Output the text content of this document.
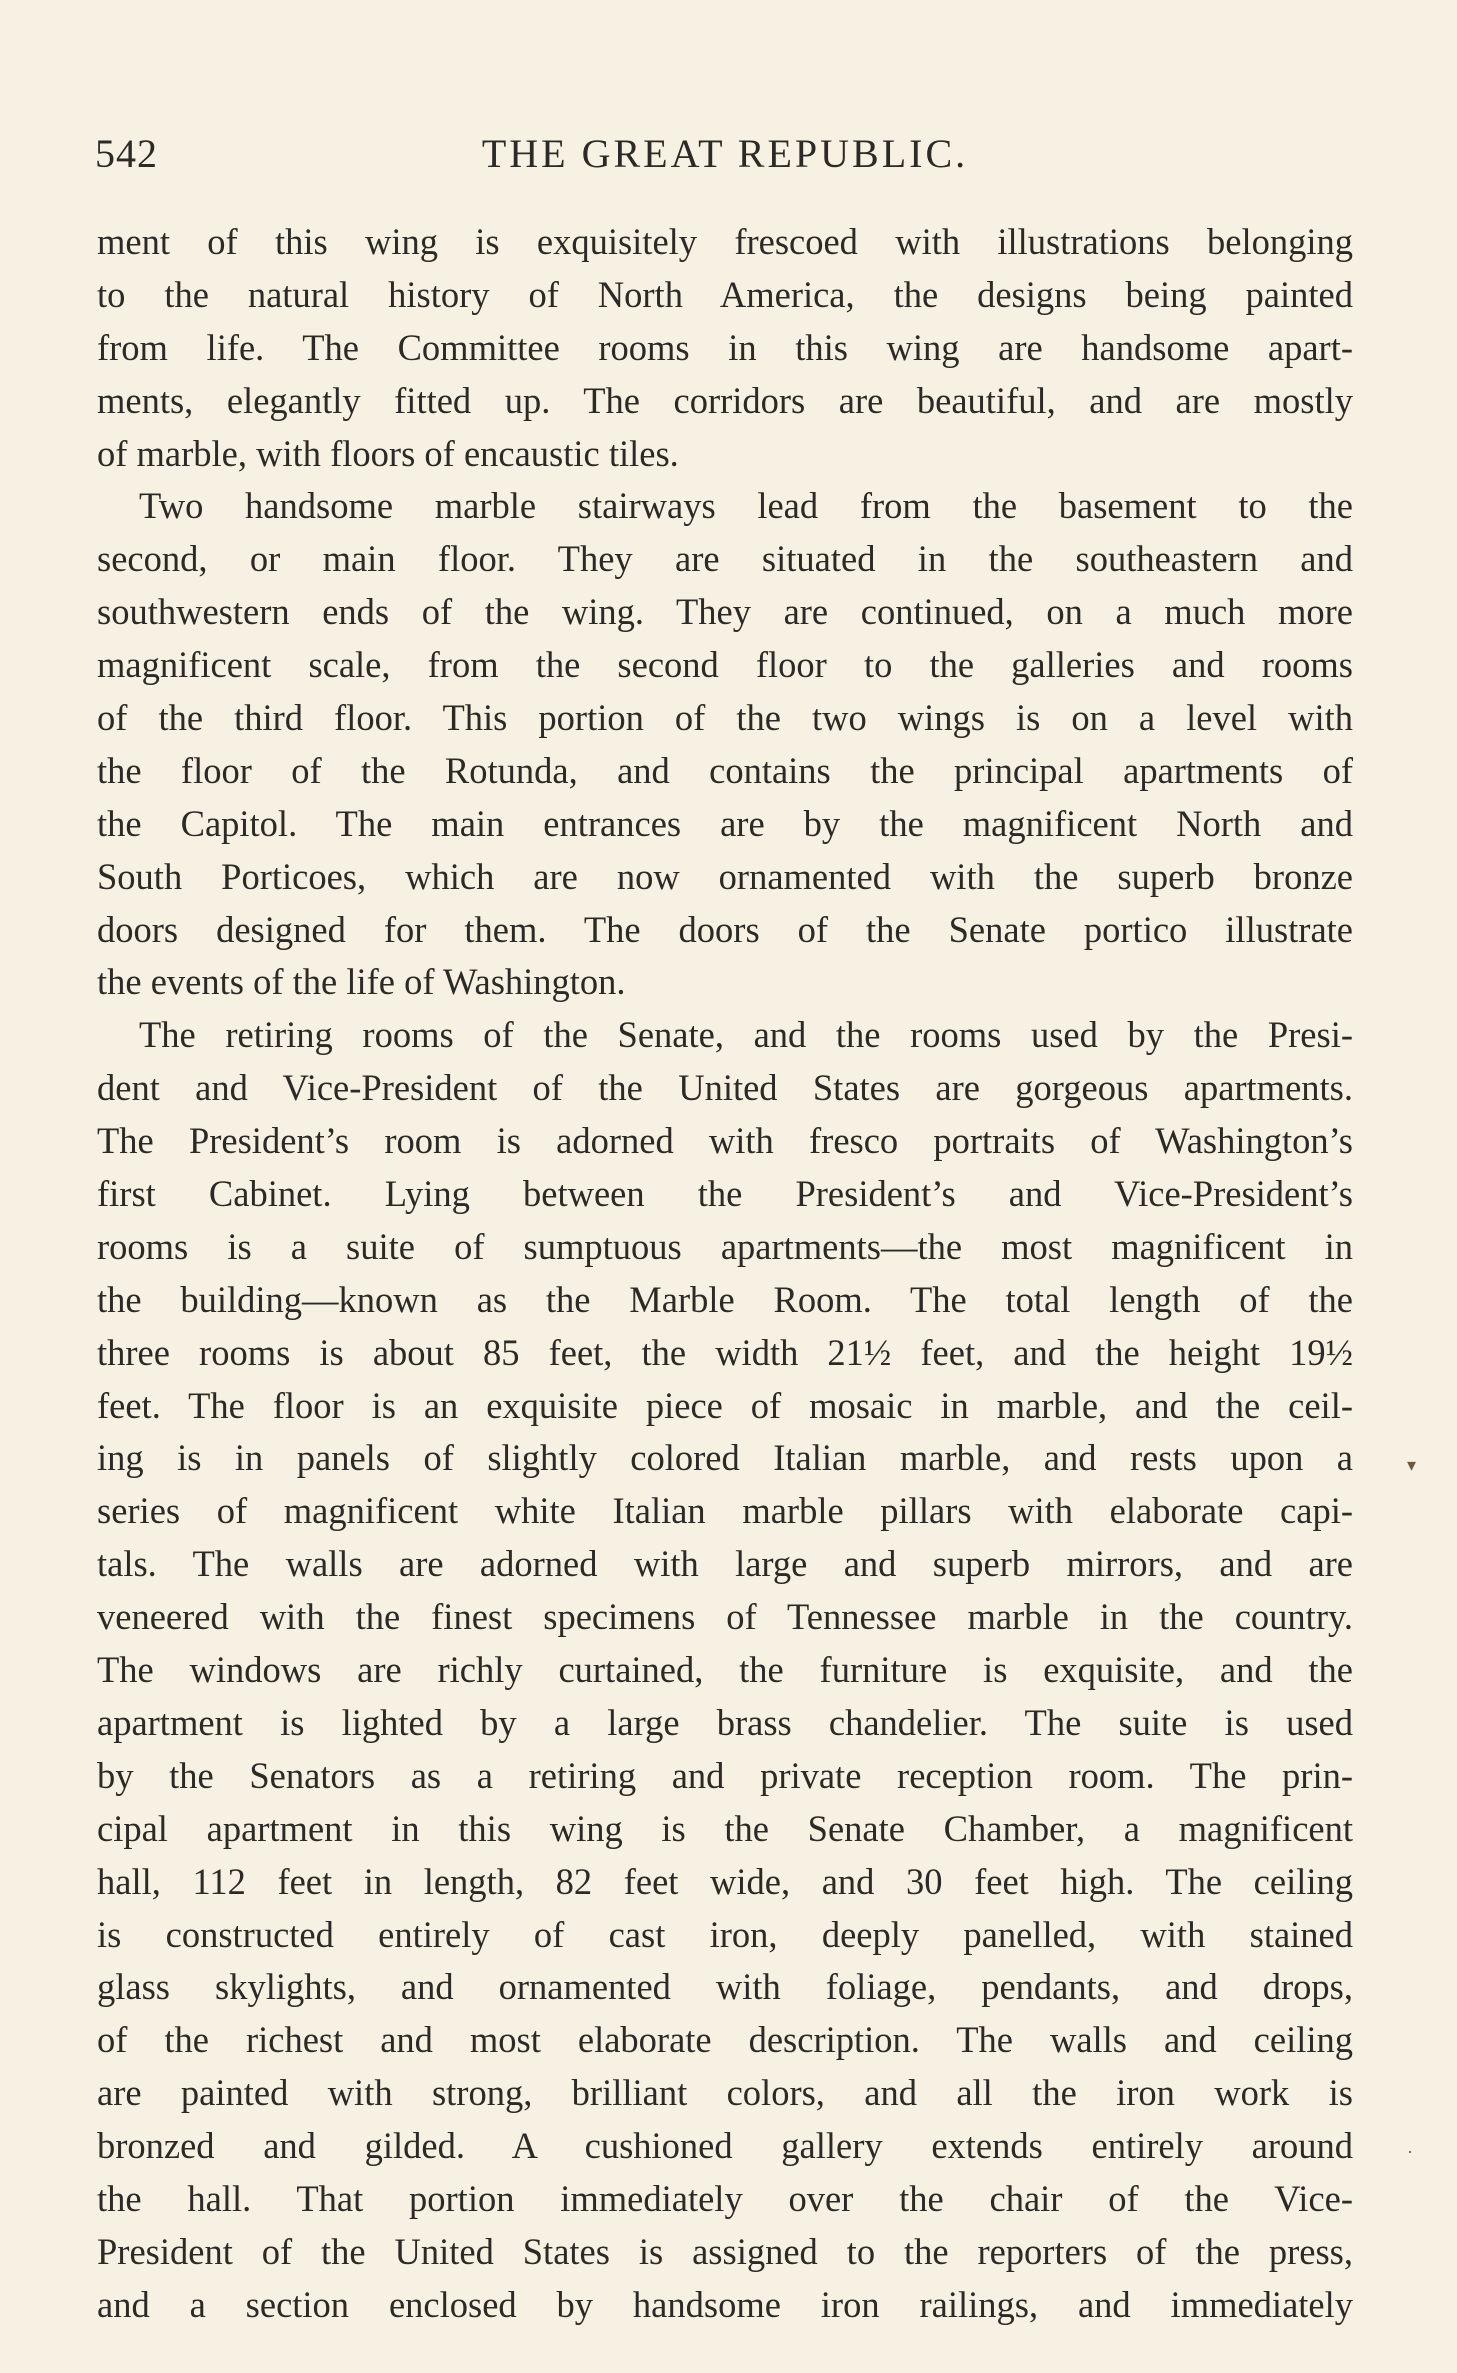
542	THE GREAT REPUBLIC.
ment of this wing is exquisitely frescoed with illustrations belonging
to the natural history of North America, the designs being painted
from life. The Committee rooms in this wing are handsome apart-
ments, elegantly fitted up. The corridors are beautiful, and are mostly
of marble, with floors of encaustic tiles.
Two handsome marble stairways lead from the basement to the
second, or main floor. They are situated in the southeastern and
southwestern ends of the wing. They are continued, on a much more
magnificent scale, from the second floor to the galleries and rooms
of the third floor. This portion of the two wings is on a level with
the floor of the Rotunda, and contains the principal apartments of
the Capitol. The main entrances are by the magnificent North and
South Porticoes, which are now ornamented with the superb bronze
doors designed for them. The doors of the Senate portico illustrate
the events of the life of Washington.
The retiring rooms of the Senate, and the rooms used by the Presi-
dent and Vice-President of the United States are gorgeous apartments.
The President’s room is adorned with fresco portraits of Washington’s
first Cabinet. Lying between the President’s and Vice-President’s
rooms is a suite of sumptuous apartments—the most magnificent in
the building—known as the Marble Room. The total length of the
three rooms is about 85 feet, the width 21½ feet, and the height 19½
feet. The floor is an exquisite piece of mosaic in marble, and the ceil-
ing is in panels of slightly colored Italian marble, and rests upon a
series of magnificent white Italian marble pillars with elaborate capi-
tals. The walls are adorned with large and superb mirrors, and are
veneered with the finest specimens of Tennessee marble in the country.
The windows are richly curtained, the furniture is exquisite, and the
apartment is lighted by a large brass chandelier. The suite is used
by the Senators as a retiring and private reception room. The prin-
cipal apartment in this wing is the Senate Chamber, a magnificent
hall, 112 feet in length, 82 feet wide, and 30 feet high. The ceiling
is constructed entirely of cast iron, deeply panelled, with stained
glass skylights, and ornamented with foliage, pendants, and drops,
of the richest and most elaborate description. The walls and ceiling
are painted with strong, brilliant colors, and all the iron work is
bronzed and gilded. A cushioned gallery extends entirely around
the hall. That portion immediately over the chair of the Vice-
President of the United States is assigned to the reporters of the press,
and a section enclosed by handsome iron railings, and immediately
▾
·
